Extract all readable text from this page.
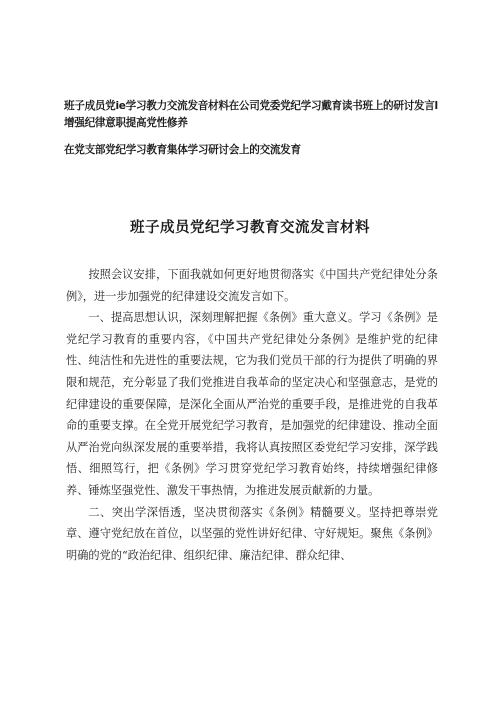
班子成员党ie学习教力交流发音材料在公司党委党纪学习戴育读书班上的研讨发言l
增强纪律意职提高党性修养
在党支部党纪学习教育集体学习研讨会上的交流发育
班子成员党纪学习教育交流发言材料

按照会议安排，下面我就如何更好地贯彻落实《中国共产党纪律处分条例》，进一步加强党的纪律建设交流发言如下。

一、提高思想认识，深刻理解把握《条例》重大意义。学习《条例》是党纪学习教育的重要内容，《中国共产党纪律处分条例》是维护党的纪律性、纯洁性和先进性的重要法规，它为我们党员干部的行为提供了明确的界限和规范，充分彰显了我们党推进自我革命的坚定决心和坚强意志，是党的纪律建设的重要保障，是深化全面从严治党的重要手段，是推进党的自我革命的重要支撑。在全党开展党纪学习教育，是加强党的纪律建设、推动全面从严治党向纵深发展的重要举措，我将认真按照区委党纪学习安排，深学践悟、细照笃行，把《条例》学习贯穿党纪学习教育始终，持续增强纪律修养、锤炼坚强党性、激发干事热情，为推进发展贡献新的力量。

二、突出学深悟透，坚决贯彻落实《条例》精髓要义。坚持把尊崇党章、遵守党纪放在首位，以坚强的党性讲好纪律、守好规矩。聚焦《条例》明确的党的“政治纪律、组织纪律、廉洁纪律、群众纪律、
